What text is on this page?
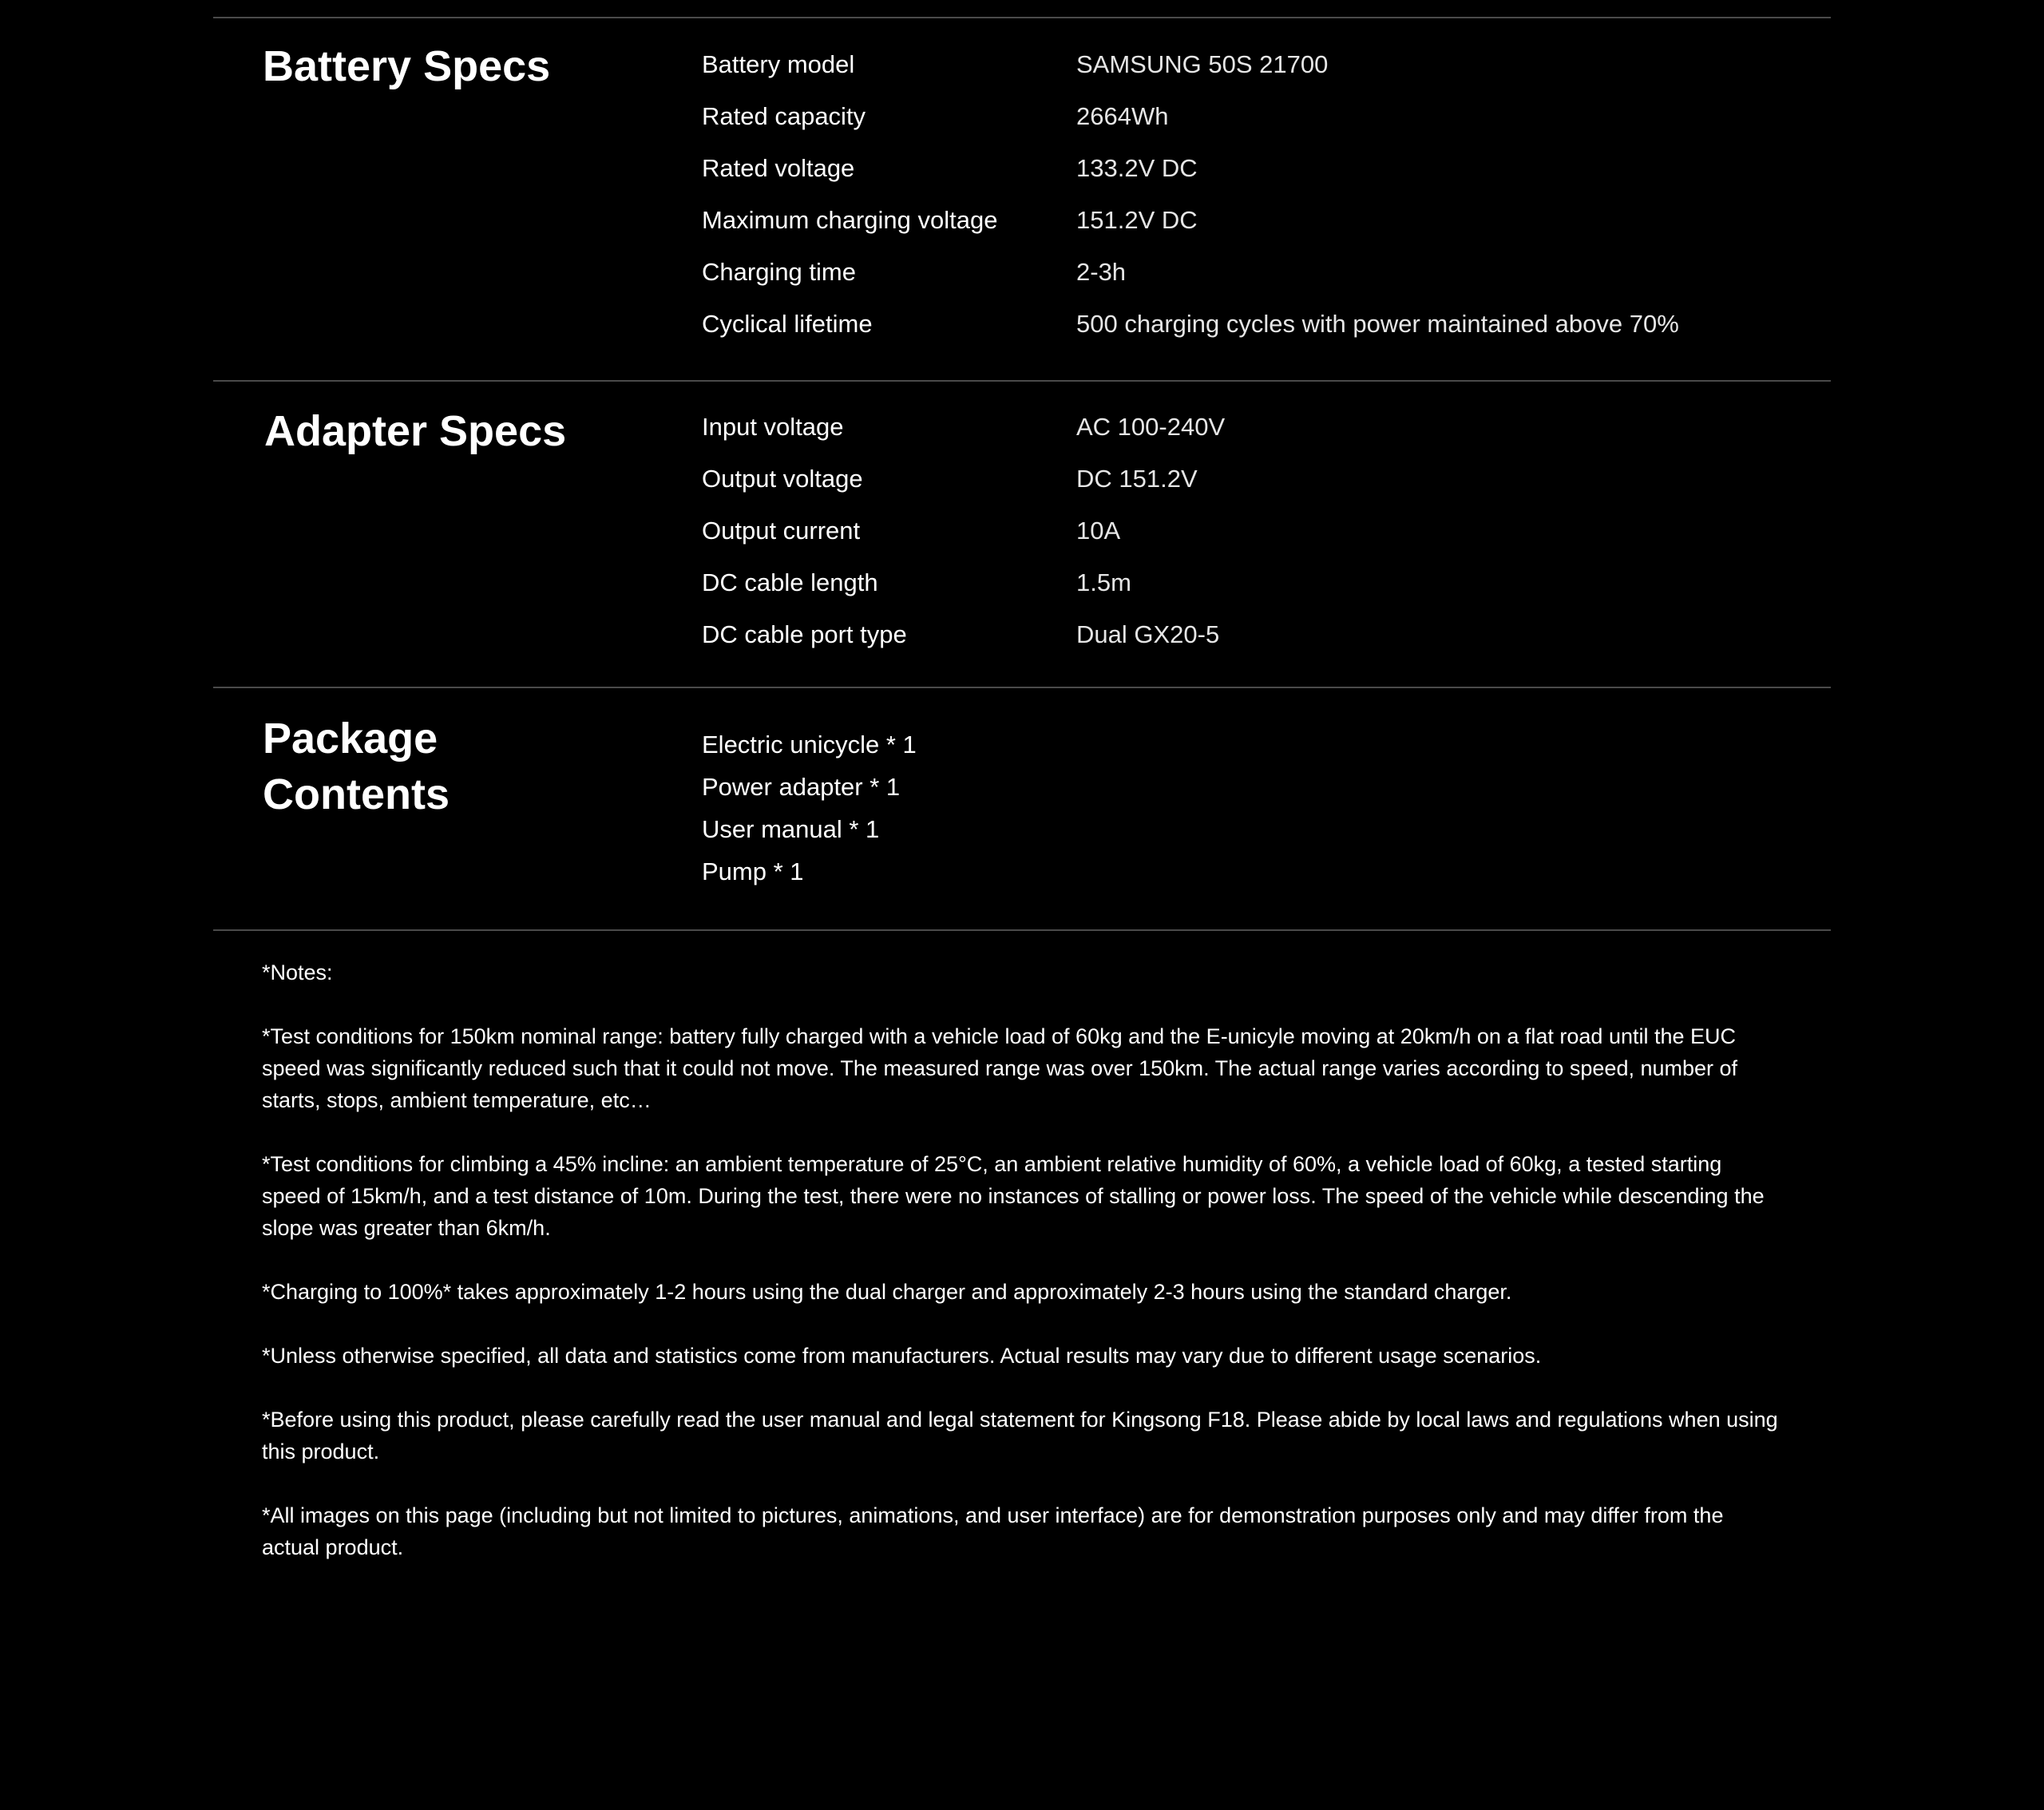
Battery Specs	Battery model	SAMSUNG 50S 21700
Rated capacity	2664Wh
Rated voltage	133.2V DC
Maximum charging voltage	151.2V DC
Charging time	2-3h
Cyclical lifetime	500 charging cycles with power maintained above 70%
Adapter Specs	Input voltage	AC 100-240V
Output voltage	DC 151.2V
Output current	10A
DC cable length	1.5m
DC cable port type	Dual GX20-5
Package
Contents
Electric unicycle * 1
Power adapter * 1
User manual * 1
Pump * 1

*Notes:

*Test conditions for 150km nominal range: battery fully charged with a vehicle load of 60kg and the E-unicyle moving at 20km/h on a flat road until the EUC speed was significantly reduced such that it could not move. The measured range was over 150km. The actual range varies according to speed, number of starts, stops, ambient temperature, etc…

*Test conditions for climbing a 45% incline: an ambient temperature of 25°C, an ambient relative humidity of 60%, a vehicle load of 60kg, a tested starting speed of 15km/h, and a test distance of 10m. During the test, there were no instances of stalling or power loss. The speed of the vehicle while descending the slope was greater than 6km/h.

*Charging to 100%* takes approximately 1-2 hours using the dual charger and approximately 2-3 hours using the standard charger.

*Unless otherwise specified, all data and statistics come from manufacturers. Actual results may vary due to different usage scenarios.

*Before using this product, please carefully read the user manual and legal statement for Kingsong F18. Please abide by local laws and regulations when using this product.

*All images on this page (including but not limited to pictures, animations, and user interface) are for demonstration purposes only and may differ from the actual product.
